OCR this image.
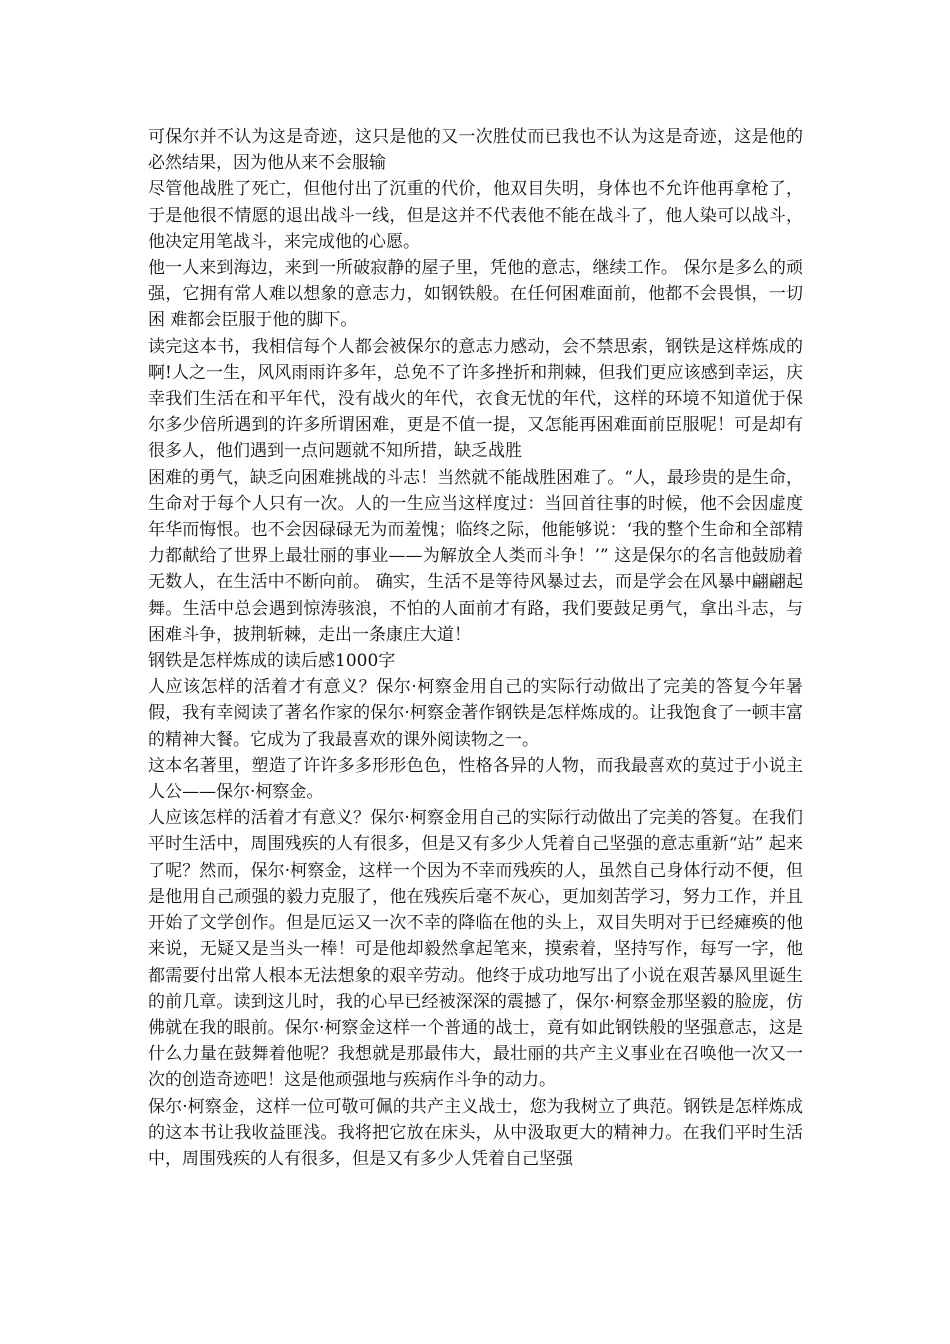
可保尔并不认为这是奇迹，这只是他的又一次胜仗而已我也不认为这是奇迹，这是他的必然结果，因为他从来不会服输

尽管他战胜了死亡，但他付出了沉重的代价，他双目失明，身体也不允许他再拿枪了，于是他很不情愿的退出战斗一线，但是这并不代表他不能在战斗了，他人染可以战斗，他决定用笔战斗，来完成他的心愿。

他一人来到海边，来到一所破寂静的屋子里，凭他的意志，继续工作。 保尔是多么的顽强，它拥有常人难以想象的意志力，如钢铁般。在任何困难面前，他都不会畏惧，一切困 难都会臣服于他的脚下。

读完这本书，我相信每个人都会被保尔的意志力感动，会不禁思索，钢铁是这样炼成的啊!人之一生，风风雨雨许多年，总免不了许多挫折和荆棘，但我们更应该感到幸运，庆幸我们生活在和平年代，没有战火的年代，衣食无忧的年代，这样的环境不知道优于保尔多少倍所遇到的许多所谓困难，更是不值一提，又怎能再困难面前臣服呢！可是却有很多人，他们遇到一点问题就不知所措，缺乏战胜

困难的勇气，缺乏向困难挑战的斗志！当然就不能战胜困难了。“人，最珍贵的是生命，生命对于每个人只有一次。人的一生应当这样度过：当回首往事的时候，他不会因虚度年华而悔恨。也不会因碌碌无为而羞愧；临终之际，他能够说：‘我的整个生命和全部精力都献给了世界上最壮丽的事业——为解放全人类而斗争！’” 这是保尔的名言他鼓励着无数人，在生活中不断向前。 确实，生活不是等待风暴过去，而是学会在风暴中翩翩起舞。生活中总会遇到惊涛骇浪，不怕的人面前才有路，我们要鼓足勇气，拿出斗志，与困难斗争，披荆斩棘，走出一条康庄大道！

钢铁是怎样炼成的读后感1000字

人应该怎样的活着才有意义？保尔·柯察金用自己的实际行动做出了完美的答复今年暑假，我有幸阅读了著名作家的保尔·柯察金著作钢铁是怎样炼成的。让我饱食了一顿丰富的精神大餐。它成为了我最喜欢的课外阅读物之一。

这本名著里，塑造了许许多多形形色色，性格各异的人物，而我最喜欢的莫过于小说主人公——保尔·柯察金。

人应该怎样的活着才有意义？保尔·柯察金用自己的实际行动做出了完美的答复。在我们平时生活中，周围残疾的人有很多，但是又有多少人凭着自己坚强的意志重新“站” 起来了呢？然而，保尔·柯察金，这样一个因为不幸而残疾的人，虽然自己身体行动不便，但是他用自己顽强的毅力克服了，他在残疾后毫不灰心，更加刻苦学习，努力工作，并且开始了文学创作。但是厄运又一次不幸的降临在他的头上，双目失明对于已经瘫痪的他来说，无疑又是当头一棒！可是他却毅然拿起笔来，摸索着，坚持写作，每写一字，他都需要付出常人根本无法想象的艰辛劳动。他终于成功地写出了小说在艰苦暴风里诞生的前几章。读到这儿时，我的心早已经被深深的震撼了，保尔·柯察金那坚毅的脸庞，仿佛就在我的眼前。保尔·柯察金这样一个普通的战士，竟有如此钢铁般的坚强意志，这是什么力量在鼓舞着他呢？我想就是那最伟大，最壮丽的共产主义事业在召唤他一次又一次的创造奇迹吧！这是他顽强地与疾病作斗争的动力。

保尔·柯察金，这样一位可敬可佩的共产主义战士，您为我树立了典范。钢铁是怎样炼成的这本书让我收益匪浅。我将把它放在床头，从中汲取更大的精神力。在我们平时生活中，周围残疾的人有很多，但是又有多少人凭着自己坚强
